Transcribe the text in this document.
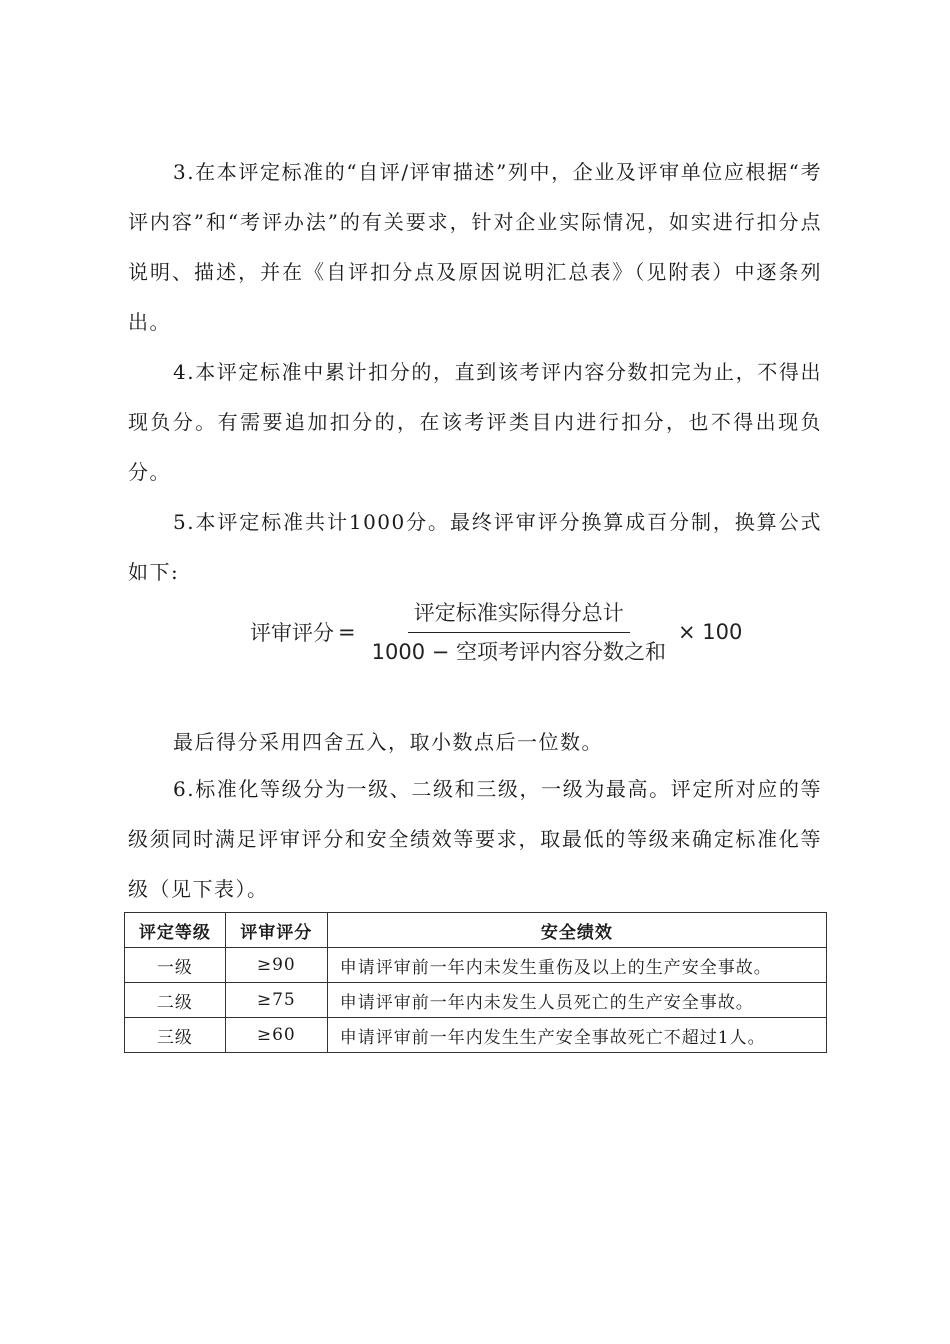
3.在本评定标准的“自评/评审描述”列中，企业及评审单位应根据“考评内容”和“考评办法”的有关要求，针对企业实际情况，如实进行扣分点说明、描述，并在《自评扣分点及原因说明汇总表》（见附表）中逐条列出。
4.本评定标准中累计扣分的，直到该考评内容分数扣完为止，不得出现负分。有需要追加扣分的，在该考评类目内进行扣分，也不得出现负分。
5.本评定标准共计1000分。最终评审评分换算成百分制，换算公式如下:
评审评分 = $\frac{\text{评定标准实际得分总计}}{\text{1000 − 空项考评内容分数之和}} \times 100$
最后得分采用四舍五入，取小数点后一位数。
6.标准化等级分为一级、二级和三级，一级为最高。评定所对应的等级须同时满足评审评分和安全绩效等要求，取最低的等级来确定标准化等级（见下表）。
评定等级	评审评分	安全绩效
一级	≥90	申请评审前一年内未发生重伤及以上的生产安全事故。
二级	≥75	申请评审前一年内未发生人员死亡的生产安全事故。
三级	≥60	申请评审前一年内发生生产安全事故死亡不超过1人。
